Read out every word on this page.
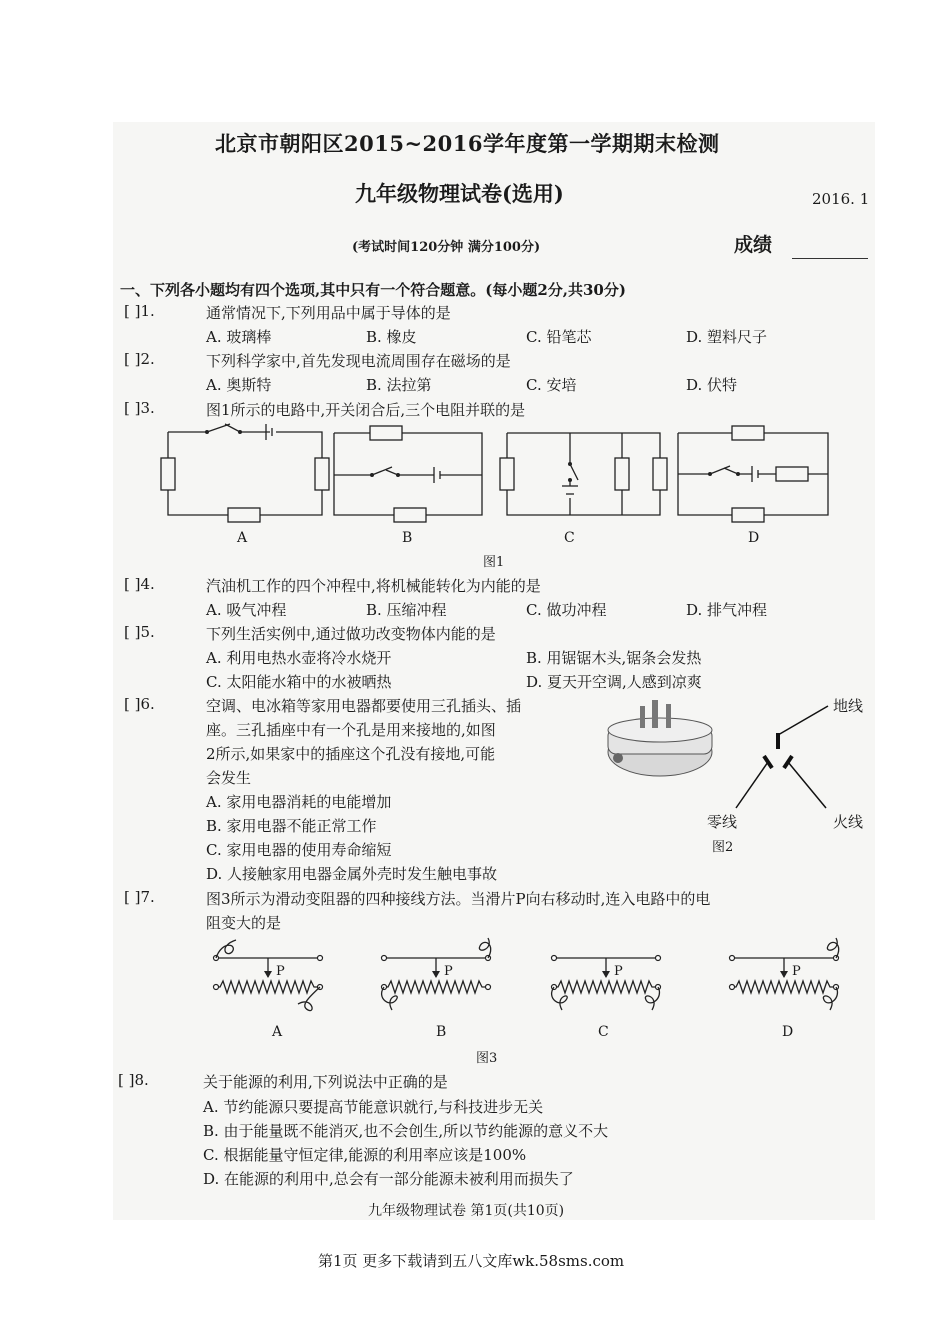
北京市朝阳区2015~2016学年度第一学期期末检测
九年级物理试卷(选用)	2016. 1
(考试时间120分钟 满分100分)	成绩
一、下列各小题均有四个选项,其中只有一个符合题意。(每小题2分,共30分)
[ ]1.	通常情况下,下列用品中属于导体的是
A. 玻璃棒	B. 橡皮	C. 铅笔芯	D. 塑料尺子
[ ]2.	下列科学家中,首先发现电流周围存在磁场的是
A. 奥斯特	B. 法拉第	C. 安培	D. 伏特
[ ]3.	图1所示的电路中,开关闭合后,三个电阻并联的是
A	B	C	D
图1
[ ]4.	汽油机工作的四个冲程中,将机械能转化为内能的是
A. 吸气冲程	B. 压缩冲程	C. 做功冲程	D. 排气冲程
[ ]5.	下列生活实例中,通过做功改变物体内能的是
A. 利用电热水壶将冷水烧开	B. 用锯锯木头,锯条会发热
C. 太阳能水箱中的水被晒热	D. 夏天开空调,人感到凉爽
[ ]6.	空调、电冰箱等家用电器都要使用三孔插头、插
座。三孔插座中有一个孔是用来接地的,如图
2所示,如果家中的插座这个孔没有接地,可能
会发生
A. 家用电器消耗的电能增加
B. 家用电器不能正常工作
C. 家用电器的使用寿命缩短
D. 人接触家用电器金属外壳时发生触电事故
地线
零线	火线
图2
[ ]7.	图3所示为滑动变阻器的四种接线方法。当滑片P向右移动时,连入电路中的电
阻变大的是
P	P	P	P
A	B	C	D
图3
[ ]8.	关于能源的利用,下列说法中正确的是
A. 节约能源只要提高节能意识就行,与科技进步无关
B. 由于能量既不能消灭,也不会创生,所以节约能源的意义不大
C. 根据能量守恒定律,能源的利用率应该是100%
D. 在能源的利用中,总会有一部分能源未被利用而损失了
九年级物理试卷 第1页(共10页)
第1页 更多下载请到五八文库wk.58sms.com
